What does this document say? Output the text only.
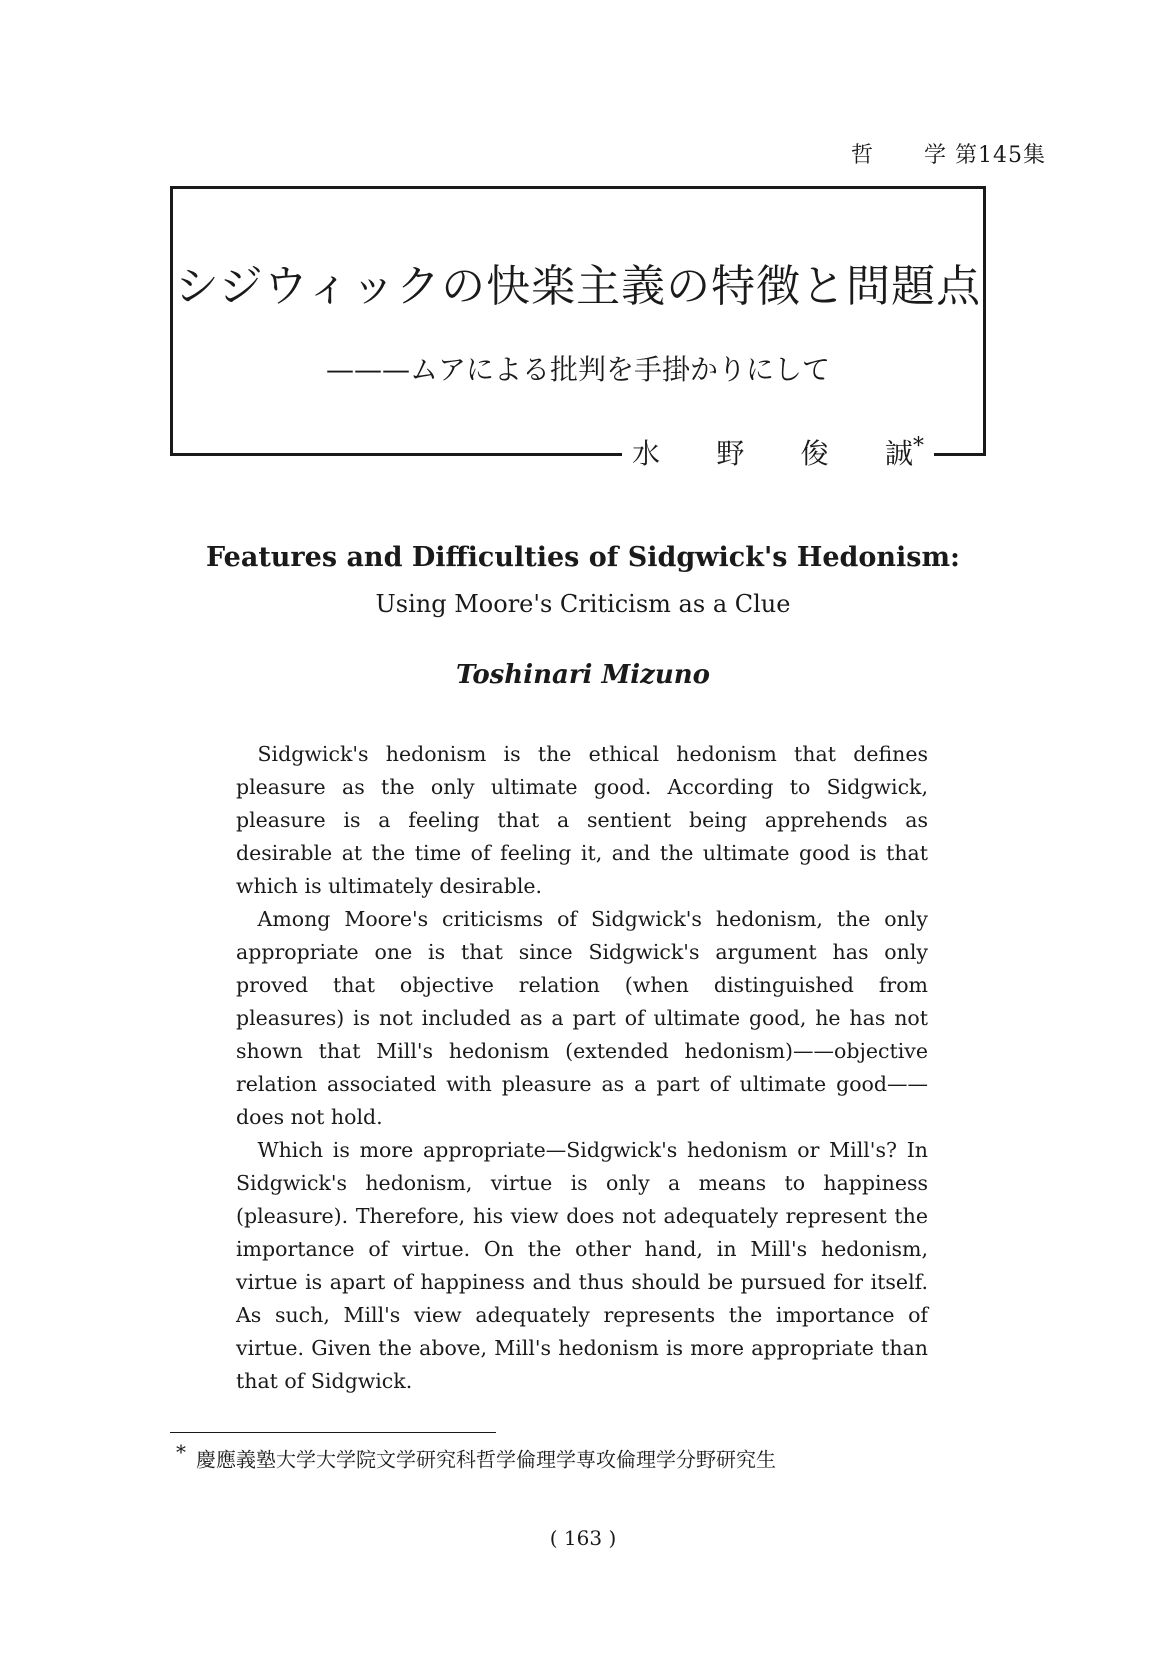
哲 学 第145集
シジウィックの快楽主義の特徴と問題点
———ムアによる批判を手掛かりにして
水 野 俊 誠*
Features and Difficulties of Sidgwick's Hedonism:
Using Moore's Criticism as a Clue
Toshinari Mizuno

Sidgwick's hedonism is the ethical hedonism that defines pleasure as the only ultimate good. According to Sidgwick, pleasure is a feeling that a sentient being apprehends as desirable at the time of feeling it, and the ultimate good is that which is ultimately desirable.

Among Moore's criticisms of Sidgwick's hedonism, the only appropriate one is that since Sidgwick's argument has only proved that objective relation (when distinguished from pleasures) is not included as a part of ultimate good, he has not shown that Mill's hedonism (extended hedonism)——objective relation associated with pleasure as a part of ultimate good——does not hold.

Which is more appropriate—Sidgwick's hedonism or Mill's? In Sidgwick's hedonism, virtue is only a means to happiness (pleasure). Therefore, his view does not adequately represent the importance of virtue. On the other hand, in Mill's hedonism, virtue is apart of happiness and thus should be pursued for itself. As such, Mill's view adequately represents the importance of virtue. Given the above, Mill's hedonism is more appropriate than that of Sidgwick.

* 慶應義塾大学大学院文学研究科哲学倫理学専攻倫理学分野研究生
( 163 )
